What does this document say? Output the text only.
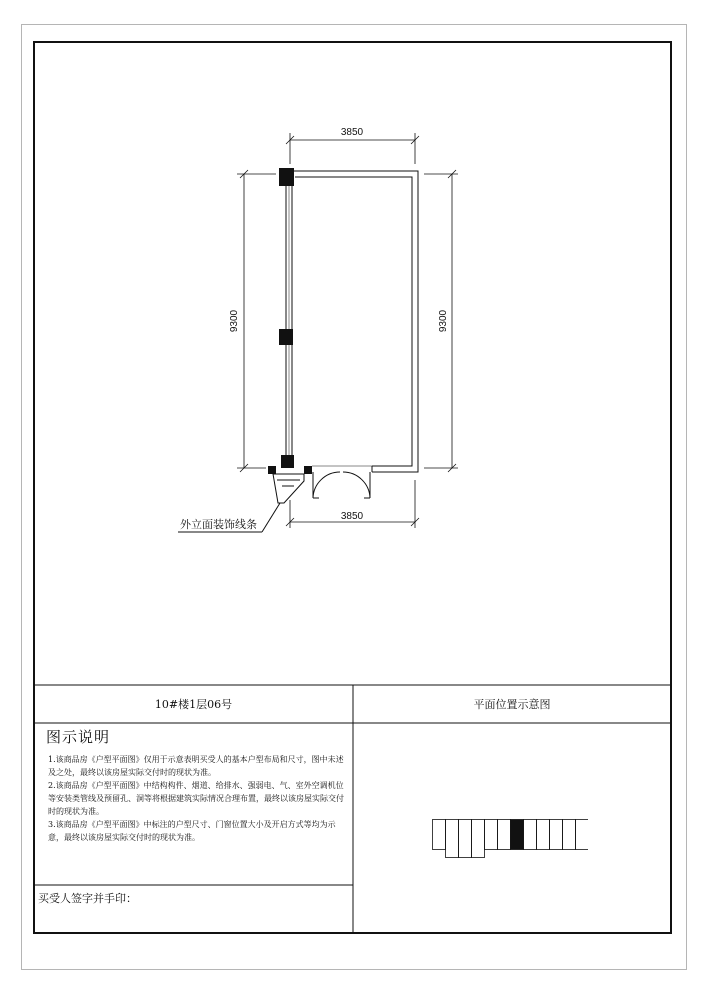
外立面装饰线条
3850
3850
9300	9300
10#楼1层06号	平面位置示意图
图示说明
1.该商品房《户型平面图》仅用于示意表明买受人的基本户型布局和尺寸，图中未述及之处，最终以该房屋实际交付时的现状为准。
2.该商品房《户型平面图》中结构构件、烟道、给排水、强弱电、气、室外空调机位等安装类管线及预留孔、洞等将根据建筑实际情况合理布置，最终以该房屋实际交付时的现状为准。
3.该商品房《户型平面图》中标注的户型尺寸、门窗位置大小及开启方式等均为示意，最终以该房屋实际交付时的现状为准。
买受人签字并手印：
